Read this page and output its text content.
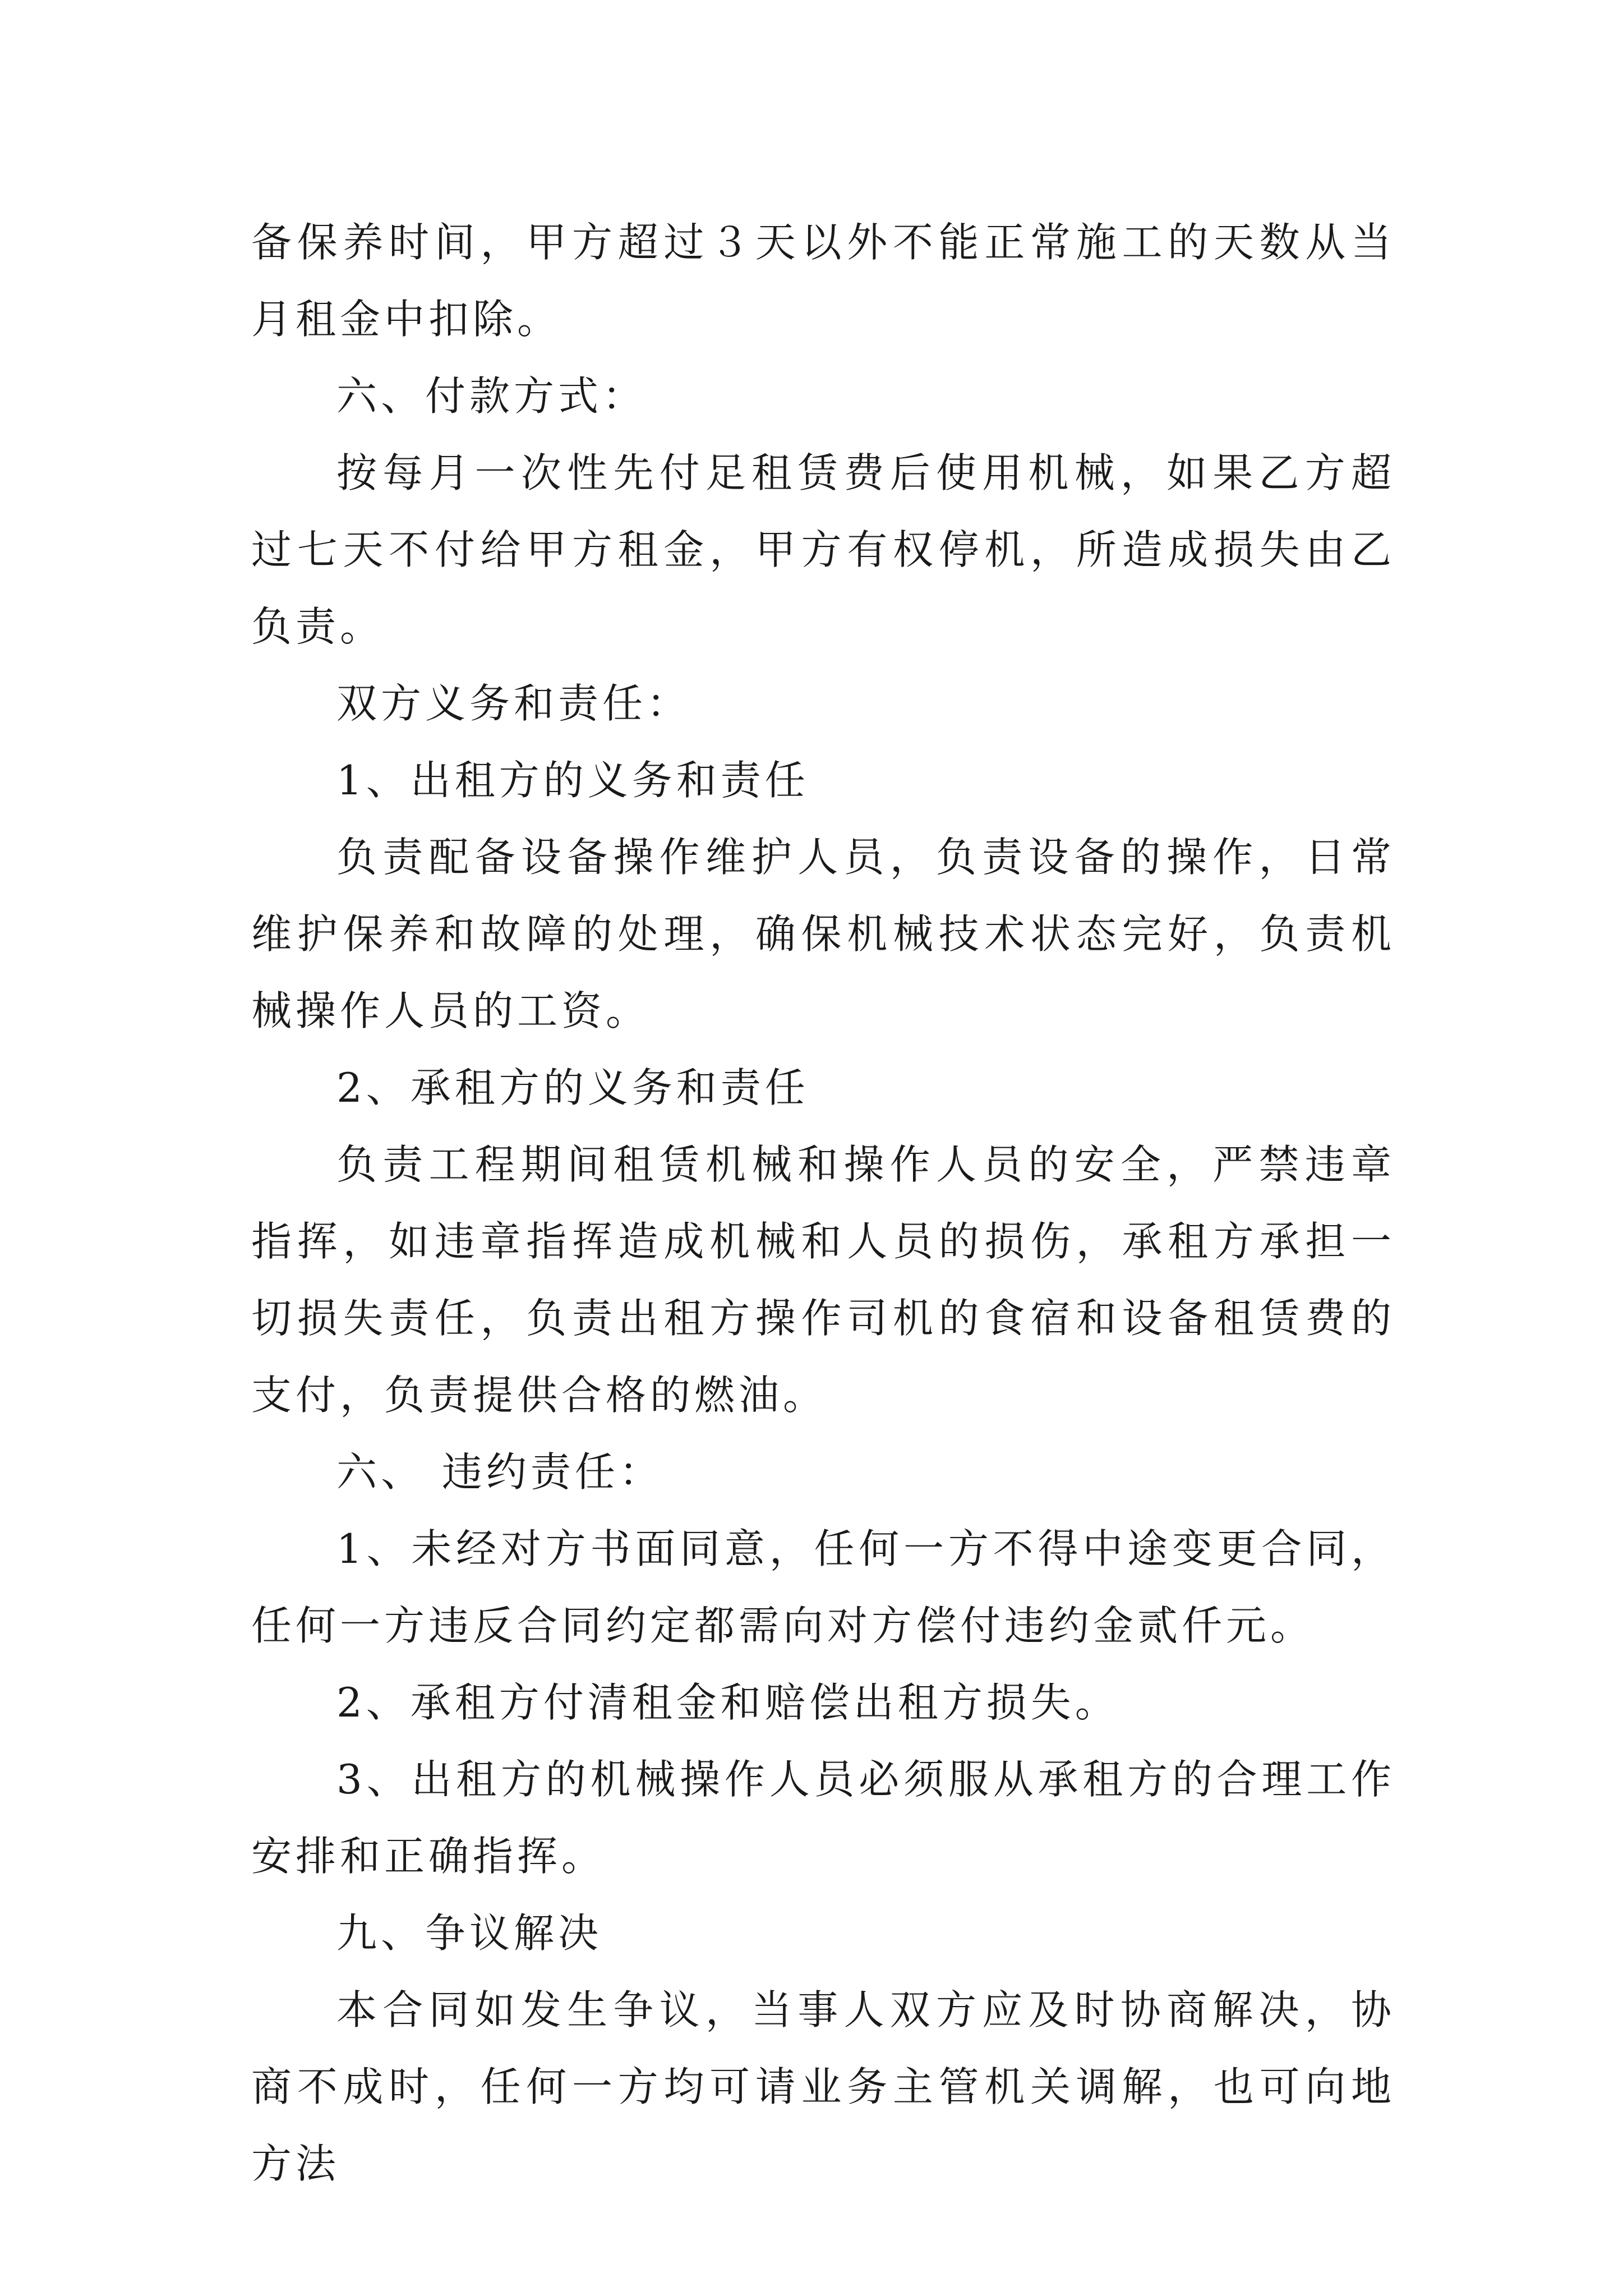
备保养时间，甲方超过３天以外不能正常施工的天数从当月租金中扣除。

六、付款方式：

按每月一次性先付足租赁费后使用机械，如果乙方超过七天不付给甲方租金，甲方有权停机，所造成损失由乙负责。

双方义务和责任：

1、出租方的义务和责任

负责配备设备操作维护人员，负责设备的操作，日常维护保养和故障的处理，确保机械技术状态完好，负责机械操作人员的工资。

2、承租方的义务和责任

负责工程期间租赁机械和操作人员的安全，严禁违章指挥，如违章指挥造成机械和人员的损伤，承租方承担一切损失责任，负责出租方操作司机的食宿和设备租赁费的支付，负责提供合格的燃油。

六、 违约责任：

1、未经对方书面同意，任何一方不得中途变更合同，任何一方违反合同约定都需向对方偿付违约金贰仟元。

2、承租方付清租金和赔偿出租方损失。

3、出租方的机械操作人员必须服从承租方的合理工作安排和正确指挥。

九、争议解决

本合同如发生争议，当事人双方应及时协商解决，协商不成时，任何一方均可请业务主管机关调解，也可向地方法
